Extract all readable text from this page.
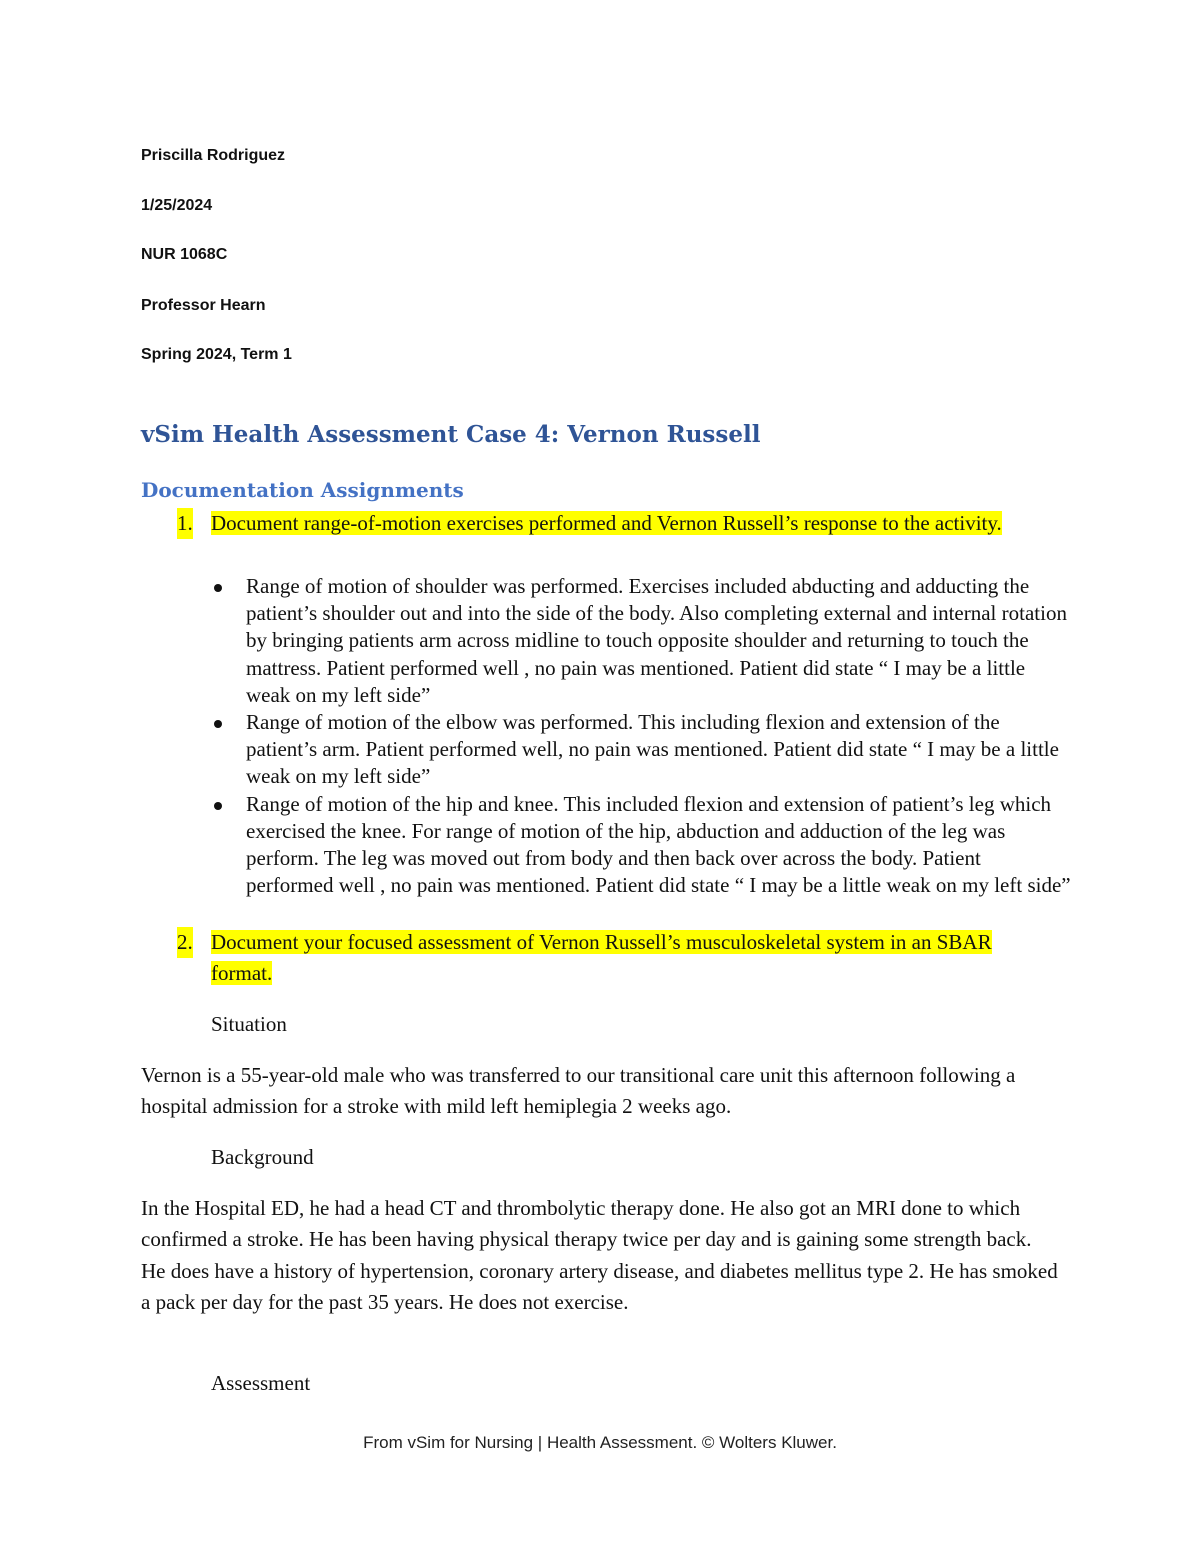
Priscilla Rodriguez
1/25/2024
NUR 1068C
Professor Hearn
Spring 2024, Term 1
vSim Health Assessment Case 4: Vernon Russell
Documentation Assignments
1. Document range-of-motion exercises performed and Vernon Russell’s response to the activity.
Range of motion of shoulder was performed. Exercises included abducting and adducting the patient’s shoulder out and into the side of the body. Also completing external and internal rotation by bringing patients arm across midline to touch opposite shoulder and returning to touch the mattress. Patient performed well , no pain was mentioned. Patient did state “ I may be a little weak on my left side”
Range of motion of the elbow was performed. This including flexion and extension of the patient’s arm. Patient performed well, no pain was mentioned. Patient did state “ I may be a little weak on my left side”
Range of motion of the hip and knee. This included flexion and extension of patient’s leg which exercised the knee. For range of motion of the hip, abduction and adduction of the leg was perform. The leg was moved out from body and then back over across the body. Patient performed well , no pain was mentioned. Patient did state “ I may be a little weak on my left side”
2. Document your focused assessment of Vernon Russell’s musculoskeletal system in an SBAR format.
Situation
Vernon is a 55-year-old male who was transferred to our transitional care unit this afternoon following a hospital admission for a stroke with mild left hemiplegia 2 weeks ago.
Background
In the Hospital ED, he had a head CT and thrombolytic therapy done. He also got an MRI done to which confirmed a stroke. He has been having physical therapy twice per day and is gaining some strength back. He does have a history of hypertension, coronary artery disease, and diabetes mellitus type 2. He has smoked a pack per day for the past 35 years. He does not exercise.
Assessment
From vSim for Nursing | Health Assessment. © Wolters Kluwer.
